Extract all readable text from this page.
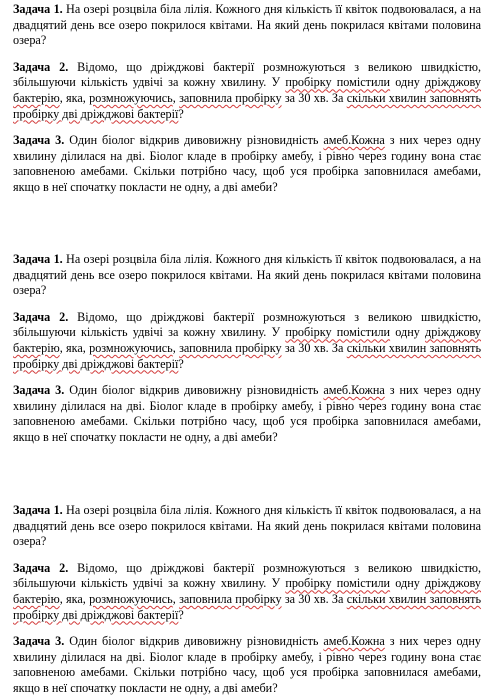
Задача 1. На озері розцвіла біла лілія. Кожного дня кількість її квіток подвоювалася, а на двадцятий день все озеро покрилося квітами. На який день покрилася квітами половина озера?

Задача 2. Відомо, що дріжджові бактерії розмножуються з великою швидкістю, збільшуючи кількість удвічі за кожну хвилину. У пробірку помістили одну дріжджову бактерію, яка, розмножуючись, заповнила пробірку за 30 хв. За скільки хвилин заповнять пробірку дві дріжджові бактерії?

Задача 3. Один біолог відкрив дивовижну різновидність амеб.Кожна з них через одну хвилину ділилася на дві. Біолог кладе в пробірку амебу, і рівно через годину вона стає заповненою амебами. Скільки потрібно часу, щоб уся пробірка заповнилася амебами, якщо в неї спочатку покласти не одну, а дві амеби?

Задача 1. На озері розцвіла біла лілія. Кожного дня кількість її квіток подвоювалася, а на двадцятий день все озеро покрилося квітами. На який день покрилася квітами половина озера?

Задача 2. Відомо, що дріжджові бактерії розмножуються з великою швидкістю, збільшуючи кількість удвічі за кожну хвилину. У пробірку помістили одну дріжджову бактерію, яка, розмножуючись, заповнила пробірку за 30 хв. За скільки хвилин заповнять пробірку дві дріжджові бактерії?

Задача 3. Один біолог відкрив дивовижну різновидність амеб.Кожна з них через одну хвилину ділилася на дві. Біолог кладе в пробірку амебу, і рівно через годину вона стає заповненою амебами. Скільки потрібно часу, щоб уся пробірка заповнилася амебами, якщо в неї спочатку покласти не одну, а дві амеби?

Задача 1. На озері розцвіла біла лілія. Кожного дня кількість її квіток подвоювалася, а на двадцятий день все озеро покрилося квітами. На який день покрилася квітами половина озера?

Задача 2. Відомо, що дріжджові бактерії розмножуються з великою швидкістю, збільшуючи кількість удвічі за кожну хвилину. У пробірку помістили одну дріжджову бактерію, яка, розмножуючись, заповнила пробірку за 30 хв. За скільки хвилин заповнять пробірку дві дріжджові бактерії?

Задача 3. Один біолог відкрив дивовижну різновидність амеб.Кожна з них через одну хвилину ділилася на дві. Біолог кладе в пробірку амебу, і рівно через годину вона стає заповненою амебами. Скільки потрібно часу, щоб уся пробірка заповнилася амебами, якщо в неї спочатку покласти не одну, а дві амеби?
